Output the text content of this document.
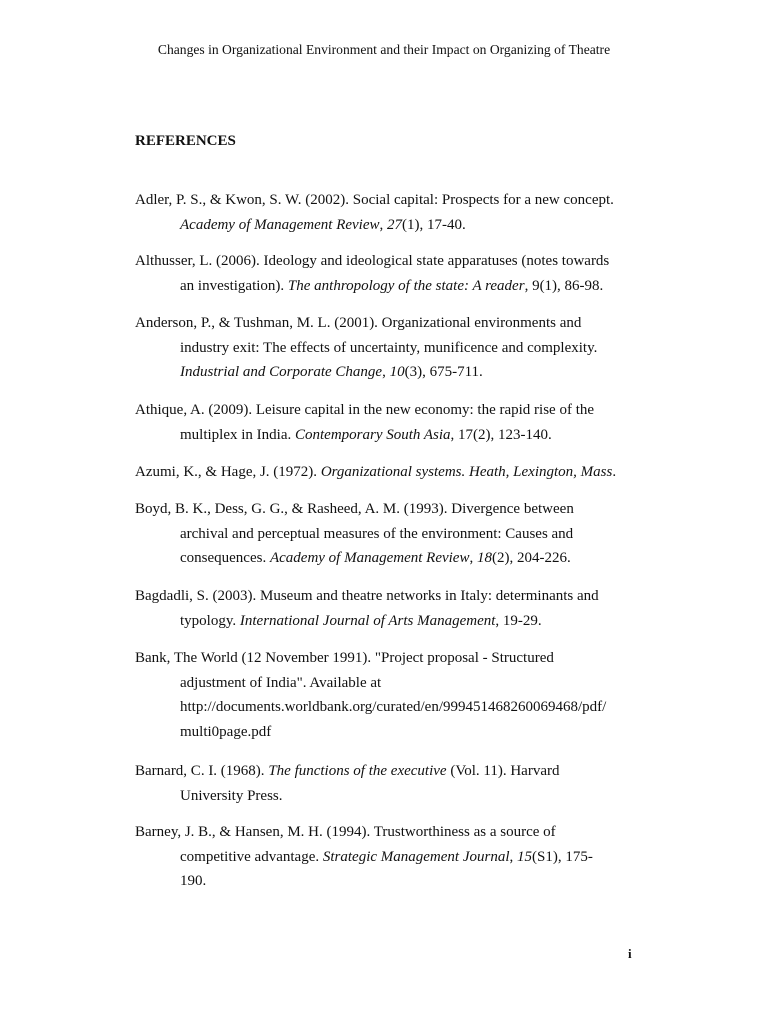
Changes in Organizational Environment and their Impact on Organizing of Theatre
REFERENCES

Adler, P. S., & Kwon, S. W. (2002). Social capital: Prospects for a new concept.
Academy of Management Review, 27(1), 17-40.

Althusser, L. (2006). Ideology and ideological state apparatuses (notes towards
an investigation). The anthropology of the state: A reader, 9(1), 86-98.

Anderson, P., & Tushman, M. L. (2001). Organizational environments and
industry exit: The effects of uncertainty, munificence and complexity.
Industrial and Corporate Change, 10(3), 675-711.

Athique, A. (2009). Leisure capital in the new economy: the rapid rise of the
multiplex in India. Contemporary South Asia, 17(2), 123-140.

Azumi, K., & Hage, J. (1972). Organizational systems. Heath, Lexington, Mass.

Boyd, B. K., Dess, G. G., & Rasheed, A. M. (1993). Divergence between
archival and perceptual measures of the environment: Causes and
consequences. Academy of Management Review, 18(2), 204-226.

Bagdadli, S. (2003). Museum and theatre networks in Italy: determinants and
typology. International Journal of Arts Management, 19-29.

Bank, The World (12 November 1991). "Project proposal - Structured
adjustment of India". Available at
http://documents.worldbank.org/curated/en/999451468260069468/pdf/
multi0page.pdf

Barnard, C. I. (1968). The functions of the executive (Vol. 11). Harvard
University Press.

Barney, J. B., & Hansen, M. H. (1994). Trustworthiness as a source of
competitive advantage. Strategic Management Journal, 15(S1), 175-
190.

i
